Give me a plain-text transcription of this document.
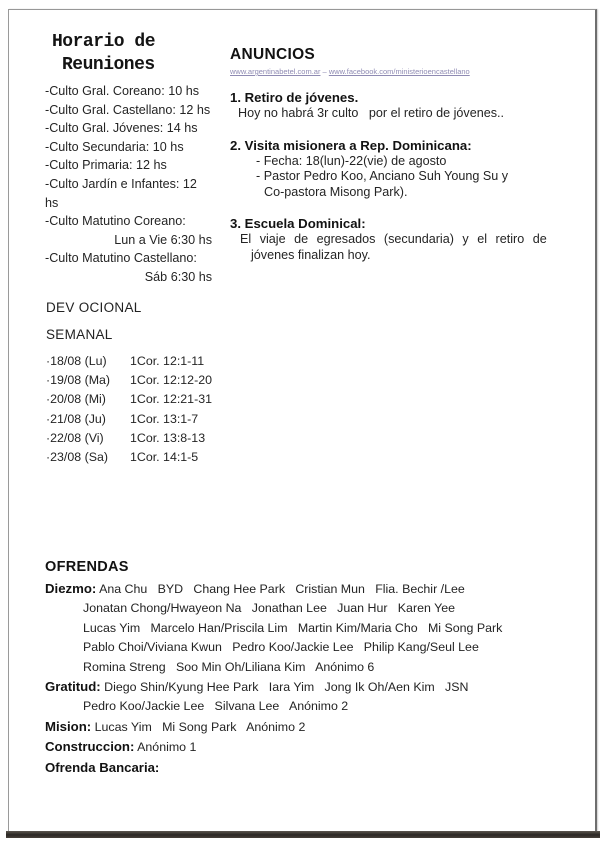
Horario de
Reuniones
-Culto Gral. Coreano: 10 hs
-Culto Gral. Castellano: 12 hs
-Culto Gral. Jóvenes: 14 hs
-Culto Secundaria: 10 hs
-Culto Primaria: 12 hs
-Culto Jardín e Infantes: 12 hs
-Culto Matutino Coreano:
Lun a Vie 6:30 hs
-Culto Matutino Castellano:
Sáb 6:30 hs
ANUNCIOS
www.argentinabetel.com.ar – www.facebook.com/ministerioencastellano
1. Retiro de jóvenes.
Hoy no habrá 3r culto   por el retiro de jóvenes..
2. Visita misionera a Rep. Dominicana:
- Fecha: 18(lun)-22(vie) de agosto
- Pastor Pedro Koo, Anciano Suh Young Su y
Co-pastora Misong Park).
3. Escuela Dominical:
El viaje de egresados (secundaria) y el retiro de
jóvenes finalizan hoy.
DEV OCIONAL
SEMANAL
·18/08 (Lu)	1Cor. 12:1-11
·19/08 (Ma)	1Cor. 12:12-20
·20/08 (Mi)	1Cor. 12:21-31
·21/08 (Ju)	1Cor. 13:1-7
·22/08 (Vi)	1Cor. 13:8-13
·23/08 (Sa)	1Cor. 14:1-5
OFRENDAS
Diezmo: Ana Chu   BYD   Chang Hee Park   Cristian Mun   Flia. Bechir /Lee
Jonatan Chong/Hwayeon Na   Jonathan Lee   Juan Hur   Karen Yee
Lucas Yim   Marcelo Han/Priscila Lim   Martin Kim/Maria Cho   Mi Song Park
Pablo Choi/Viviana Kwun   Pedro Koo/Jackie Lee   Philip Kang/Seul Lee
Romina Streng   Soo Min Oh/Liliana Kim   Anónimo 6
Gratitud: Diego Shin/Kyung Hee Park   Iara Yim   Jong Ik Oh/Aen Kim   JSN
Pedro Koo/Jackie Lee   Silvana Lee   Anónimo 2
Mision: Lucas Yim   Mi Song Park   Anónimo 2
Construccion: Anónimo 1
Ofrenda Bancaria:
